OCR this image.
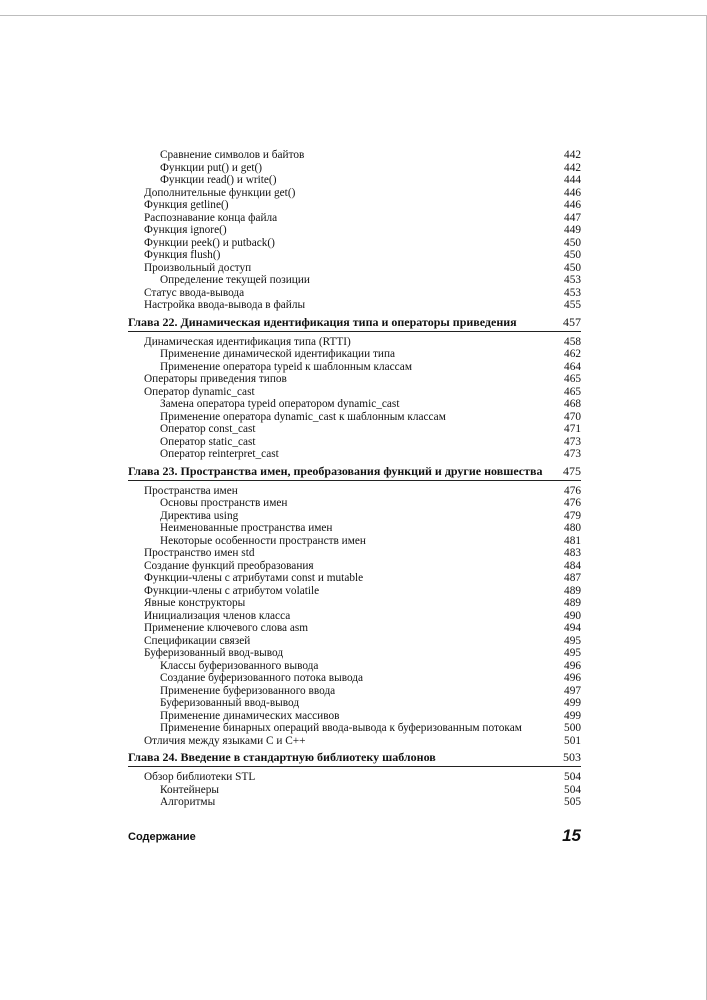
Сравнение символов и байтов	442
Функции put() и get()	442
Функции read() и write()	444
Дополнительные функции get()	446
Функция getline()	446
Распознавание конца файла	447
Функция ignore()	449
Функции peek() и putback()	450
Функция flush()	450
Произвольный доступ	450
Определение текущей позиции	453
Статус ввода-вывода	453
Настройка ввода-вывода в файлы	455
Глава 22. Динамическая идентификация типа и операторы приведения	457
Динамическая идентификация типа (RTTI)	458
Применение динамической идентификации типа	462
Применение оператора typeid к шаблонным классам	464
Операторы приведения типов	465
Оператор dynamic_cast	465
Замена оператора typeid оператором dynamic_cast	468
Применение оператора dynamic_cast к шаблонным классам	470
Оператор const_cast	471
Оператор static_cast	473
Оператор reinterpret_cast	473
Глава 23. Пространства имен, преобразования функций и другие новшества	475
Пространства имен	476
Основы пространств имен	476
Директива using	479
Неименованные пространства имен	480
Некоторые особенности пространств имен	481
Пространство имен std	483
Создание функций преобразования	484
Функции-члены с атрибутами const и mutable	487
Функции-члены с атрибутом volatile	489
Явные конструкторы	489
Инициализация членов класса	490
Применение ключевого слова asm	494
Спецификации связей	495
Буферизованный ввод-вывод	495
Классы буферизованного вывода	496
Создание буферизованного потока вывода	496
Применение буферизованного ввода	497
Буферизованный ввод-вывод	499
Применение динамических массивов	499
Применение бинарных операций ввода-вывода к буферизованным потокам	500
Отличия между языками C и C++	501
Глава 24. Введение в стандартную библиотеку шаблонов	503
Обзор библиотеки STL	504
Контейнеры	504
Алгоритмы	505
Содержание	15
